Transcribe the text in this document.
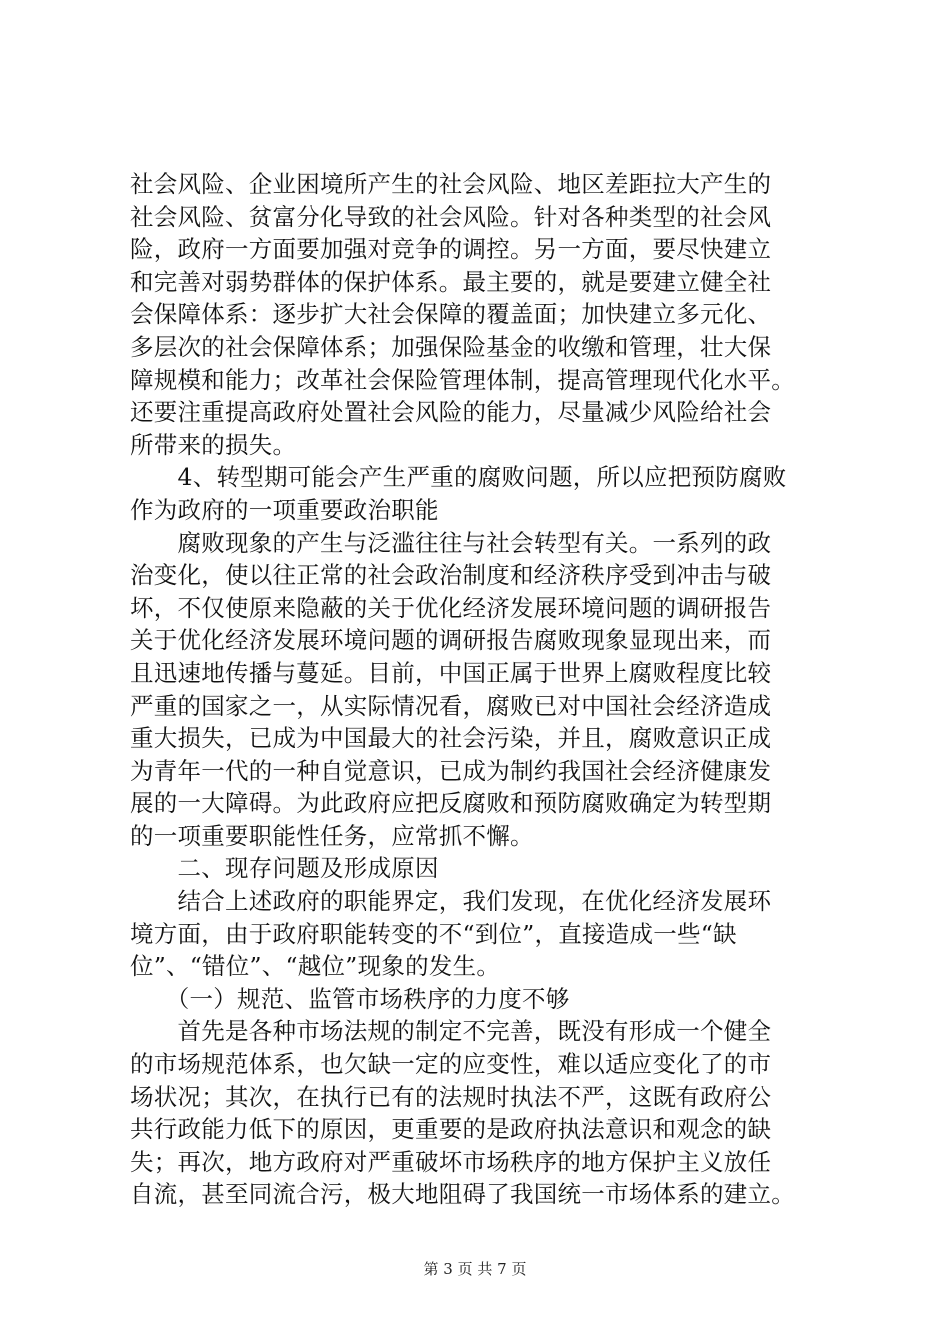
社会风险、企业困境所产生的社会风险、地区差距拉大产生的
社会风险、贫富分化导致的社会风险。针对各种类型的社会风
险，政府一方面要加强对竞争的调控。另一方面，要尽快建立
和完善对弱势群体的保护体系。最主要的，就是要建立健全社
会保障体系：逐步扩大社会保障的覆盖面；加快建立多元化、
多层次的社会保障体系；加强保险基金的收缴和管理，壮大保
障规模和能力；改革社会保险管理体制，提高管理现代化水平。
还要注重提高政府处置社会风险的能力，尽量减少风险给社会
所带来的损失。
　　4、转型期可能会产生严重的腐败问题，所以应把预防腐败
作为政府的一项重要政治职能
　　腐败现象的产生与泛滥往往与社会转型有关。一系列的政
治变化，使以往正常的社会政治制度和经济秩序受到冲击与破
坏，不仅使原来隐蔽的关于优化经济发展环境问题的调研报告
关于优化经济发展环境问题的调研报告腐败现象显现出来，而
且迅速地传播与蔓延。目前，中国正属于世界上腐败程度比较
严重的国家之一，从实际情况看，腐败已对中国社会经济造成
重大损失，已成为中国最大的社会污染，并且，腐败意识正成
为青年一代的一种自觉意识，已成为制约我国社会经济健康发
展的一大障碍。为此政府应把反腐败和预防腐败确定为转型期
的一项重要职能性任务，应常抓不懈。
　　二、现存问题及形成原因
　　结合上述政府的职能界定，我们发现，在优化经济发展环
境方面，由于政府职能转变的不“到位”，直接造成一些“缺
位”、“错位”、“越位”现象的发生。
　　（一）规范、监管市场秩序的力度不够
　　首先是各种市场法规的制定不完善，既没有形成一个健全
的市场规范体系，也欠缺一定的应变性，难以适应变化了的市
场状况；其次，在执行已有的法规时执法不严，这既有政府公
共行政能力低下的原因，更重要的是政府执法意识和观念的缺
失；再次，地方政府对严重破坏市场秩序的地方保护主义放任
自流，甚至同流合污，极大地阻碍了我国统一市场体系的建立。
第 3 页 共 7 页
